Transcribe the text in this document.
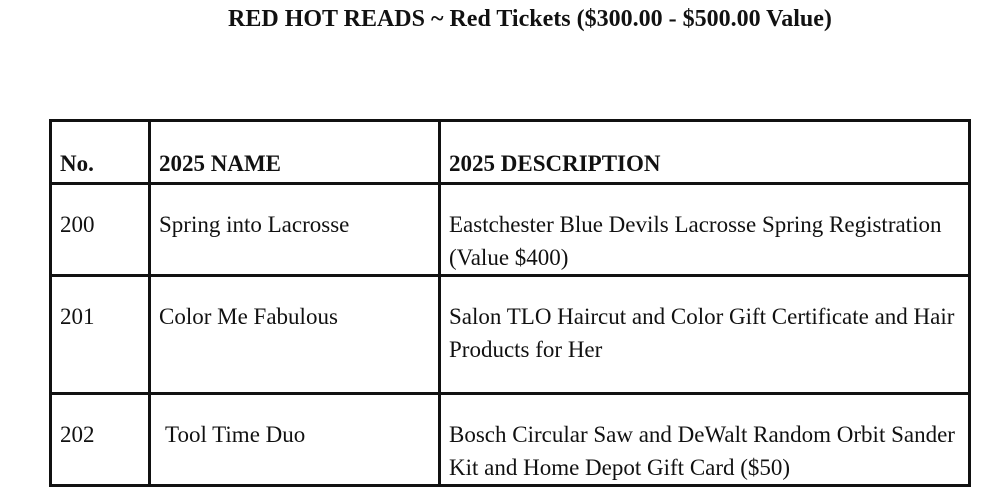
RED HOT READS ~ Red Tickets ($300.00 - $500.00 Value)
No.	2025 NAME	2025 DESCRIPTION
200	Spring into Lacrosse	Eastchester Blue Devils Lacrosse Spring Registration (Value $400)
201	Color Me Fabulous	Salon TLO Haircut and Color Gift Certificate and Hair Products for Her
202	Tool Time Duo	Bosch Circular Saw and DeWalt Random Orbit Sander Kit and Home Depot Gift Card ($50)
